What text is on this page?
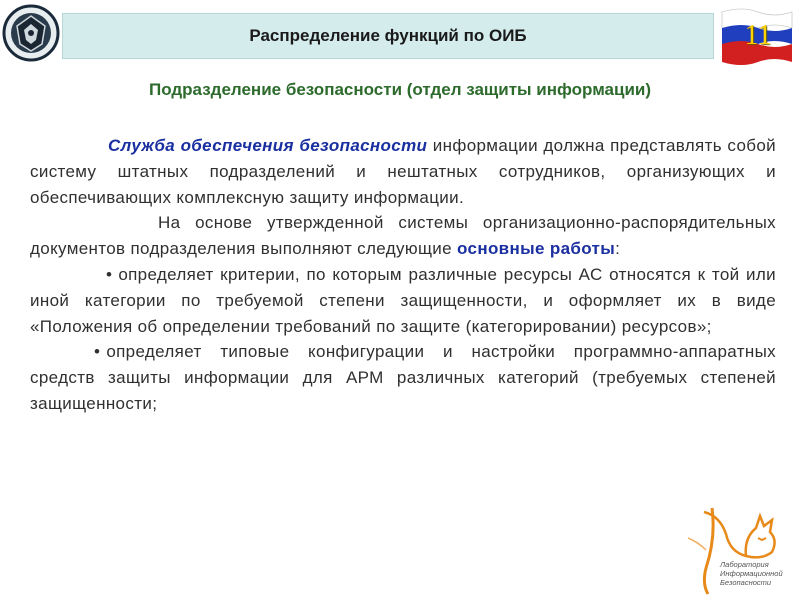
Распределение функций по ОИБ	11
Подразделение безопасности (отдел защиты информации)

Служба обеспечения безопасности информации должна представлять собой систему штатных подразделений и нештатных сотрудников, организующих и обеспечивающих комплексную защиту информации.

На основе утвержденной системы организационно-распорядительных документов подразделения выполняют следующие основные работы:

• определяет критерии, по которым различные ресурсы АС относятся к той или иной категории по требуемой степени защищенности, и оформляет их в виде «Положения об определении требований по защите (категорировании) ресурсов»;

• определяет типовые конфигурации и настройки программно-аппаратных средств защиты информации для АРМ различных категорий (требуемых степеней защищенности;

Лаборатория
Информационной
Безопасности
